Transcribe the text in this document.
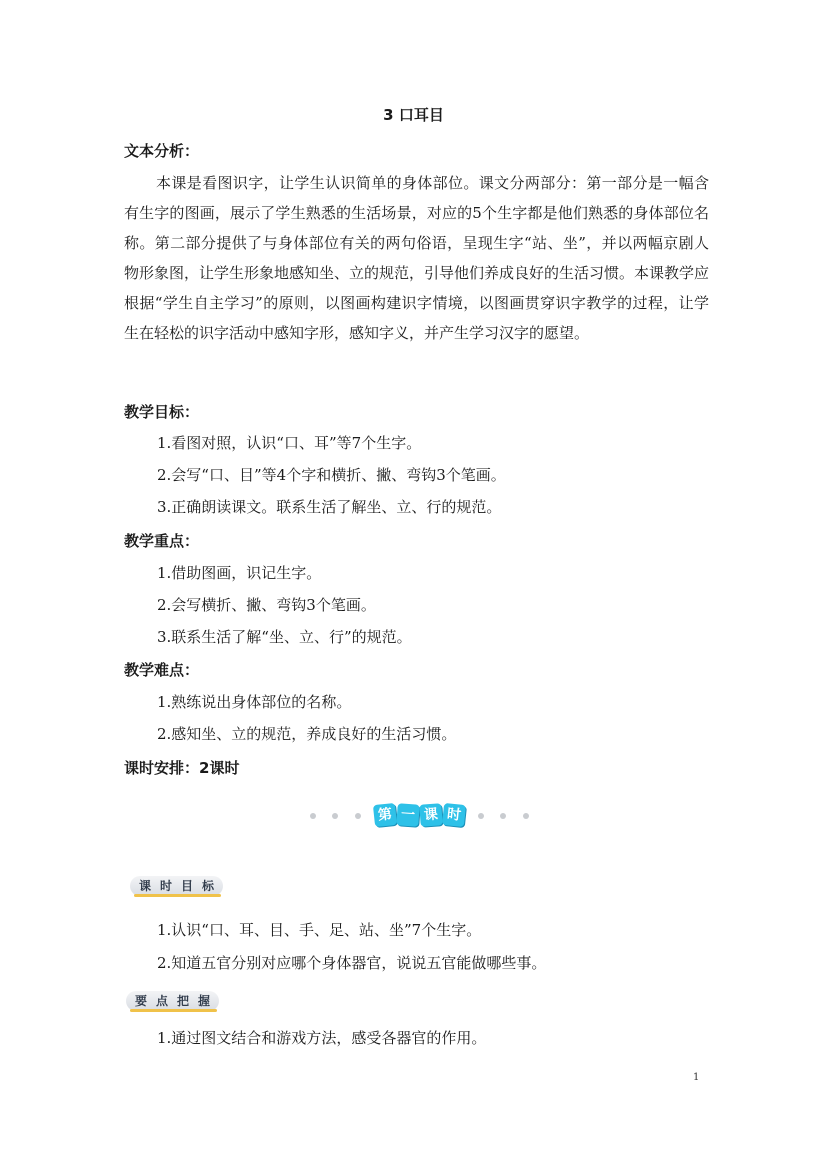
3 口耳目
文本分析：

本课是看图识字，让学生认识简单的身体部位。课文分两部分：第一部分是一幅含有生字的图画，展示了学生熟悉的生活场景，对应的5个生字都是他们熟悉的身体部位名称。第二部分提供了与身体部位有关的两句俗语，呈现生字“站、坐”，并以两幅京剧人物形象图，让学生形象地感知坐、立的规范，引导他们养成良好的生活习惯。本课教学应根据“学生自主学习”的原则，以图画构建识字情境，以图画贯穿识字教学的过程，让学生在轻松的识字活动中感知字形，感知字义，并产生学习汉字的愿望。

教学目标：
1.看图对照，认识“口、耳”等7个生字。
2.会写“口、目”等4个字和横折、撇、弯钩3个笔画。
3.正确朗读课文。联系生活了解坐、立、行的规范。
教学重点：
1.借助图画，识记生字。
2.会写横折、撇、弯钩3个笔画。
3.联系生活了解“坐、立、行”的规范。
教学难点：
1.熟练说出身体部位的名称。
2.感知坐、立的规范，养成良好的生活习惯。
课时安排：2课时
第 一 课 时
课时目标
1.认识“口、耳、目、手、足、站、坐”7个生字。
2.知道五官分别对应哪个身体器官，说说五官能做哪些事。
要点把握
1.通过图文结合和游戏方法，感受各器官的作用。
1
